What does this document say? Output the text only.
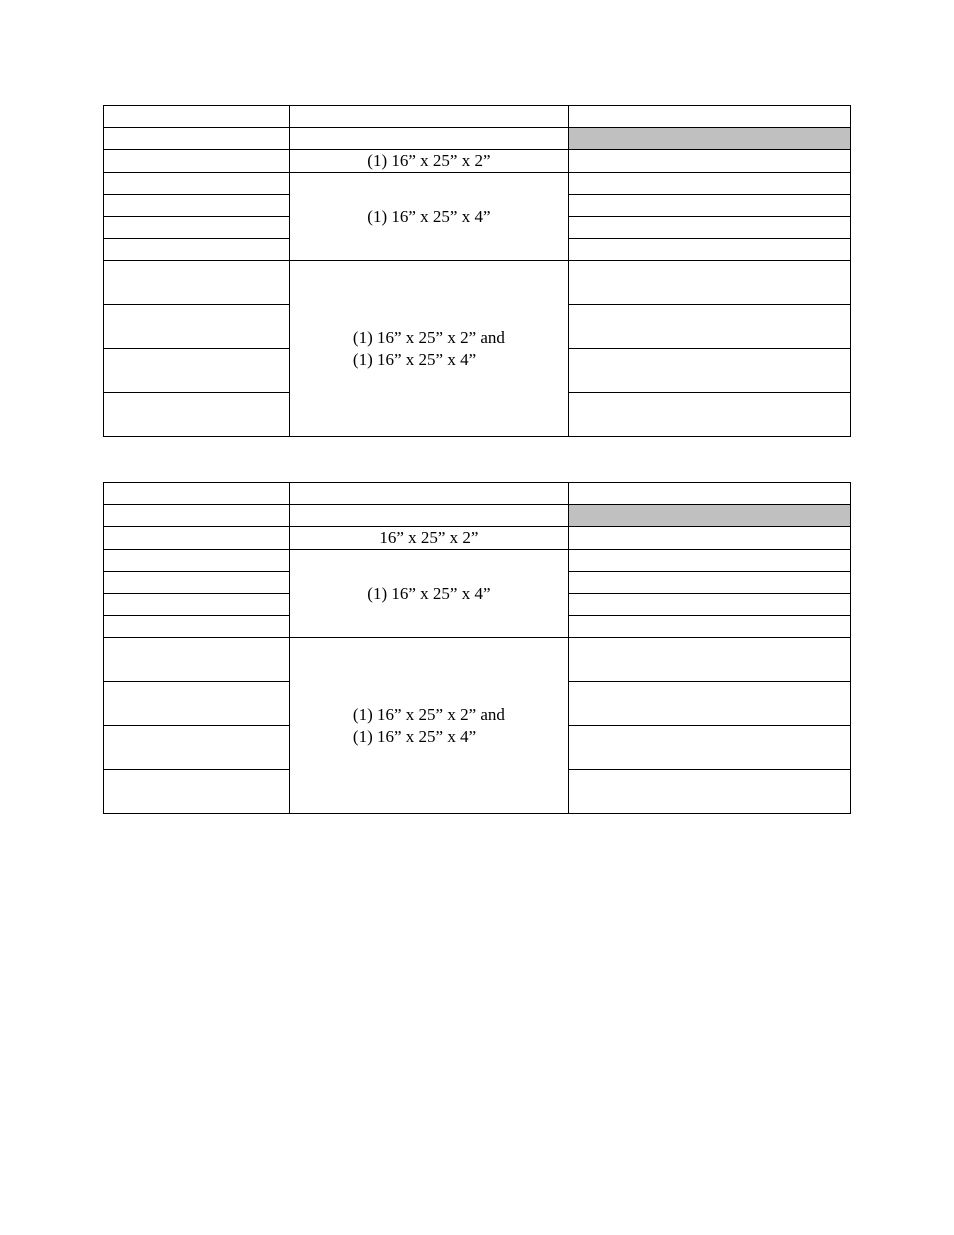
	(1) 16” x 25” x 2”	
	(1) 16” x 25” x 4”	

	(1) 16” x 25” x 2” and
(1) 16” x 25” x 4”	

	16” x 25” x 2”	
	(1) 16” x 25” x 4”	

	(1) 16” x 25” x 2” and
(1) 16” x 25” x 4”	
